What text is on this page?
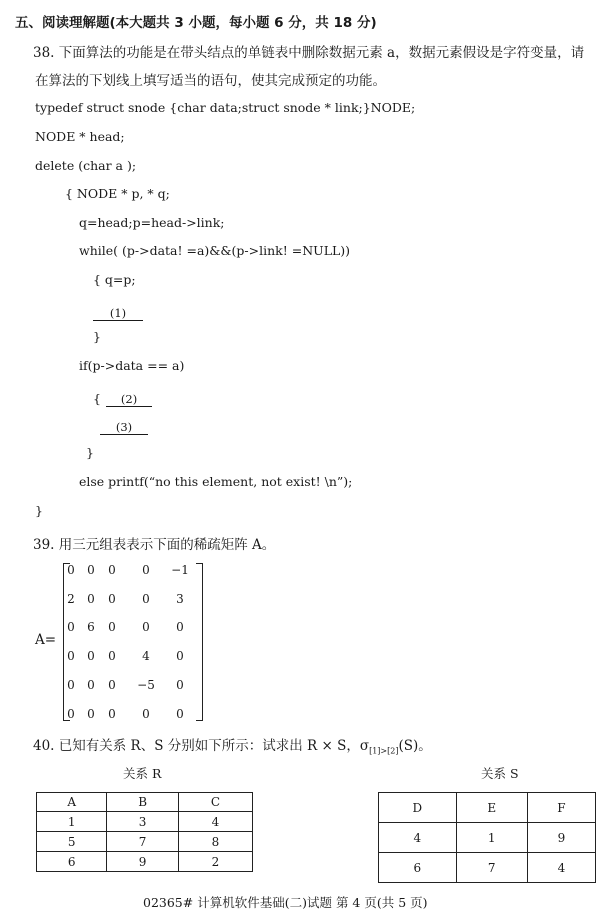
五、阅读理解题(本大题共 3 小题，每小题 6 分，共 18 分)
38. 下面算法的功能是在带头结点的单链表中删除数据元素 a，数据元素假设是字符变量，请
在算法的下划线上填写适当的语句，使其完成预定的功能。
typedef struct snode {char data;struct snode * link;}NODE;
NODE * head;
delete (char a );
{ NODE * p, * q;
q=head;p=head->link;
while( (p->data! =a)&&(p->link! =NULL))
{ q=p;
(1)
}
if(p->data == a)
{ (2)
(3)
}
else printf(“no this element, not exist! \n”);
}
39. 用三元组表表示下面的稀疏矩阵 A。
A=
0	0	0	0	−1
2	0	0	0	3
0	6	0	0	0
0	0	0	4	0
0	0	0	−5	0
0	0	0	0	0
40. 已知有关系 R、S 分别如下所示：试求出 R × S，$\sigma_{[1]>[2]}(S)$。
关系 R	关系 S
A	B	C
1	3	4
5	7	8
6	9	2
D	E	F
4	1	9
6	7	4
02365# 计算机软件基础(二)试题 第 4 页(共 5 页)
